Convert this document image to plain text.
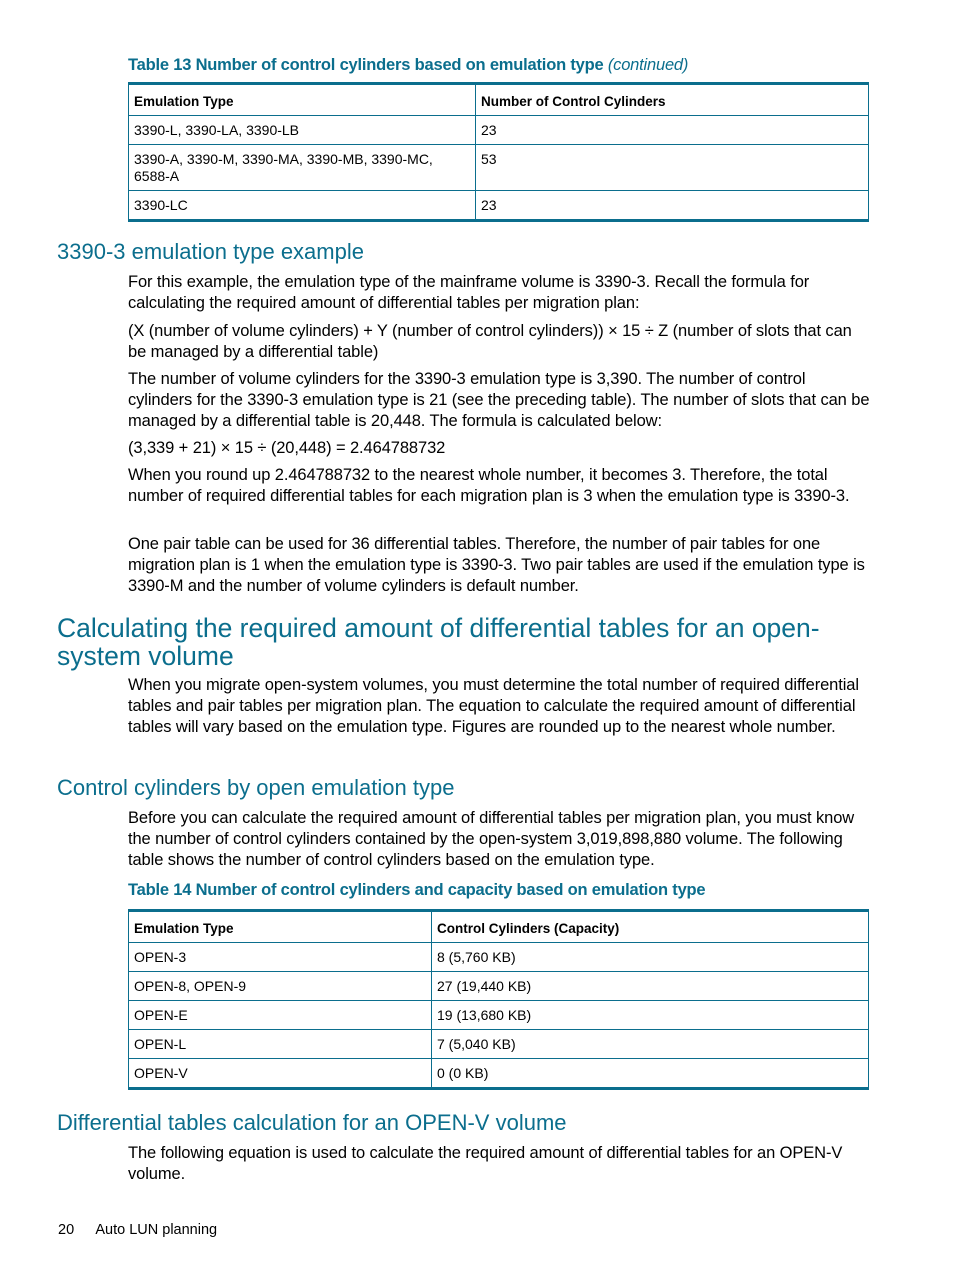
Table 13 Number of control cylinders based on emulation type (continued)
Emulation Type	Number of Control Cylinders
3390-L, 3390-LA, 3390-LB	23
3390-A, 3390-M, 3390-MA, 3390-MB, 3390-MC, 6588-A	53
3390-LC	23
3390-3 emulation type example

For this example, the emulation type of the mainframe volume is 3390-3. Recall the formula for calculating the required amount of differential tables per migration plan:

(X (number of volume cylinders) + Y (number of control cylinders)) × 15 ÷ Z (number of slots that can be managed by a differential table)

The number of volume cylinders for the 3390-3 emulation type is 3,390. The number of control cylinders for the 3390-3 emulation type is 21 (see the preceding table). The number of slots that can be managed by a differential table is 20,448. The formula is calculated below:

(3,339 + 21) × 15 ÷ (20,448) = 2.464788732

When you round up 2.464788732 to the nearest whole number, it becomes 3. Therefore, the total number of required differential tables for each migration plan is 3 when the emulation type is 3390-3.

One pair table can be used for 36 differential tables. Therefore, the number of pair tables for one migration plan is 1 when the emulation type is 3390-3. Two pair tables are used if the emulation type is 3390-M and the number of volume cylinders is default number.

Calculating the required amount of differential tables for an open-system volume

When you migrate open-system volumes, you must determine the total number of required differential tables and pair tables per migration plan. The equation to calculate the required amount of differential tables will vary based on the emulation type. Figures are rounded up to the nearest whole number.

Control cylinders by open emulation type

Before you can calculate the required amount of differential tables per migration plan, you must know the number of control cylinders contained by the open-system 3,019,898,880 volume. The following table shows the number of control cylinders based on the emulation type.

Table 14 Number of control cylinders and capacity based on emulation type
Emulation Type	Control Cylinders (Capacity)
OPEN-3	8 (5,760 KB)
OPEN-8, OPEN-9	27 (19,440 KB)
OPEN-E	19 (13,680 KB)
OPEN-L	7 (5,040 KB)
OPEN-V	0 (0 KB)
Differential tables calculation for an OPEN-V volume

The following equation is used to calculate the required amount of differential tables for an OPEN-V volume.

20 Auto LUN planning
